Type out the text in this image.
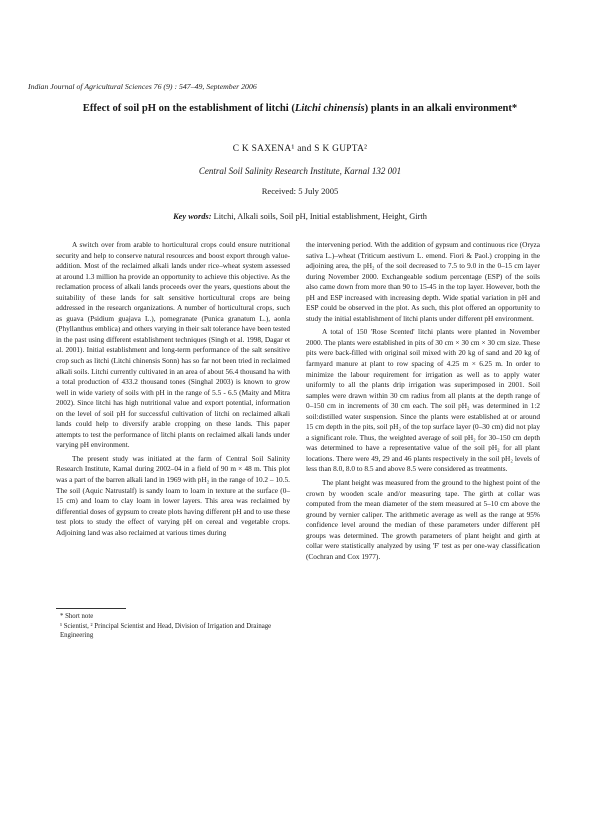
Indian Journal of Agricultural Sciences 76 (9) : 547–49, September 2006
Effect of soil pH on the establishment of litchi (Litchi chinensis) plants in an alkali environment*
C K SAXENA¹ and S K GUPTA²
Central Soil Salinity Research Institute, Karnal 132 001
Received: 5 July 2005
Key words: Litchi, Alkali soils, Soil pH, Initial establishment, Height, Girth

A switch over from arable to horticultural crops could ensure nutritional security and help to conserve natural resources and boost export through value-addition. Most of the reclaimed alkali lands under rice–wheat system assessed at around 1.3 million ha provide an opportunity to achieve this objective. As the reclamation process of alkali lands proceeds over the years, questions about the suitability of these lands for salt sensitive horticultural crops are being addressed in the research organizations. A number of horticultural crops, such as guava (Psidium guajava L.), pomegranate (Punica granatum L.), aonla (Phyllanthus emblica) and others varying in their salt tolerance have been tested in the past using different establishment techniques (Singh et al. 1998, Dagar et al. 2001). Initial establishment and long-term performance of the salt sensitive crop such as litchi (Litchi chinensis Sonn) has so far not been tried in reclaimed alkali soils. Litchi currently cultivated in an area of about 56.4 thousand ha with a total production of 433.2 thousand tones (Singhal 2003) is known to grow well in wide variety of soils with pH in the range of 5.5 - 6.5 (Maity and Mitra 2002). Since litchi has high nutritional value and export potential, information on the level of soil pH for successful cultivation of litchi on reclaimed alkali lands could help to diversify arable cropping on these lands. This paper attempts to test the performance of litchi plants on reclaimed alkali lands under varying pH environment.

The present study was initiated at the farm of Central Soil Salinity Research Institute, Karnal during 2002–04 in a field of 90 m × 48 m. This plot was a part of the barren alkali land in 1969 with pH₂ in the range of 10.2 – 10.5. The soil (Aquic Natrustalf) is sandy loam to loam in texture at the surface (0–15 cm) and loam to clay loam in lower layers. This area was reclaimed by differential doses of gypsum to create plots having different pH and to use these test plots to study the effect of varying pH on cereal and vegetable crops. Adjoining land was also reclaimed at various times during

the intervening period. With the addition of gypsum and continuous rice (Oryza sativa L.)–wheat (Triticum aestivum L. emend. Fiori & Paol.) cropping in the adjoining area, the pH₂ of the soil decreased to 7.5 to 9.0 in the 0–15 cm layer during November 2000. Exchangeable sodium percentage (ESP) of the soils also came down from more than 90 to 15-45 in the top layer. However, both the pH and ESP increased with increasing depth. Wide spatial variation in pH and ESP could be observed in the plot. As such, this plot offered an opportunity to study the initial establishment of litchi plants under different pH environment.

A total of 150 'Rose Scented' litchi plants were planted in November 2000. The plants were established in pits of 30 cm × 30 cm × 30 cm size. These pits were back-filled with original soil mixed with 20 kg of sand and 20 kg of farmyard manure at plant to row spacing of 4.25 m × 6.25 m. In order to minimize the labour requirement for irrigation as well as to apply water uniformly to all the plants drip irrigation was superimposed in 2001. Soil samples were drawn within 30 cm radius from all plants at the depth range of 0–150 cm in increments of 30 cm each. The soil pH₂ was determined in 1:2 soil:distilled water suspension. Since the plants were established at or around 15 cm depth in the pits, soil pH₂ of the top surface layer (0–30 cm) did not play a significant role. Thus, the weighted average of soil pH₂ for 30–150 cm depth was determined to have a representative value of the soil pH₂ for all plant locations. There were 49, 29 and 46 plants respectively in the soil pH₂ levels of less than 8.0, 8.0 to 8.5 and above 8.5 were considered as treatments.

The plant height was measured from the ground to the highest point of the crown by wooden scale and/or measuring tape. The girth at collar was computed from the mean diameter of the stem measured at 5–10 cm above the ground by vernier caliper. The arithmetic average as well as the range at 95% confidence level around the median of these parameters under different pH groups was determined. The growth parameters of plant height and girth at collar were statistically analyzed by using 'F' test as per one-way classification (Cochran and Cox 1977).

* Short note
¹ Scientist, ² Principal Scientist and Head, Division of Irrigation and Drainage Engineering
